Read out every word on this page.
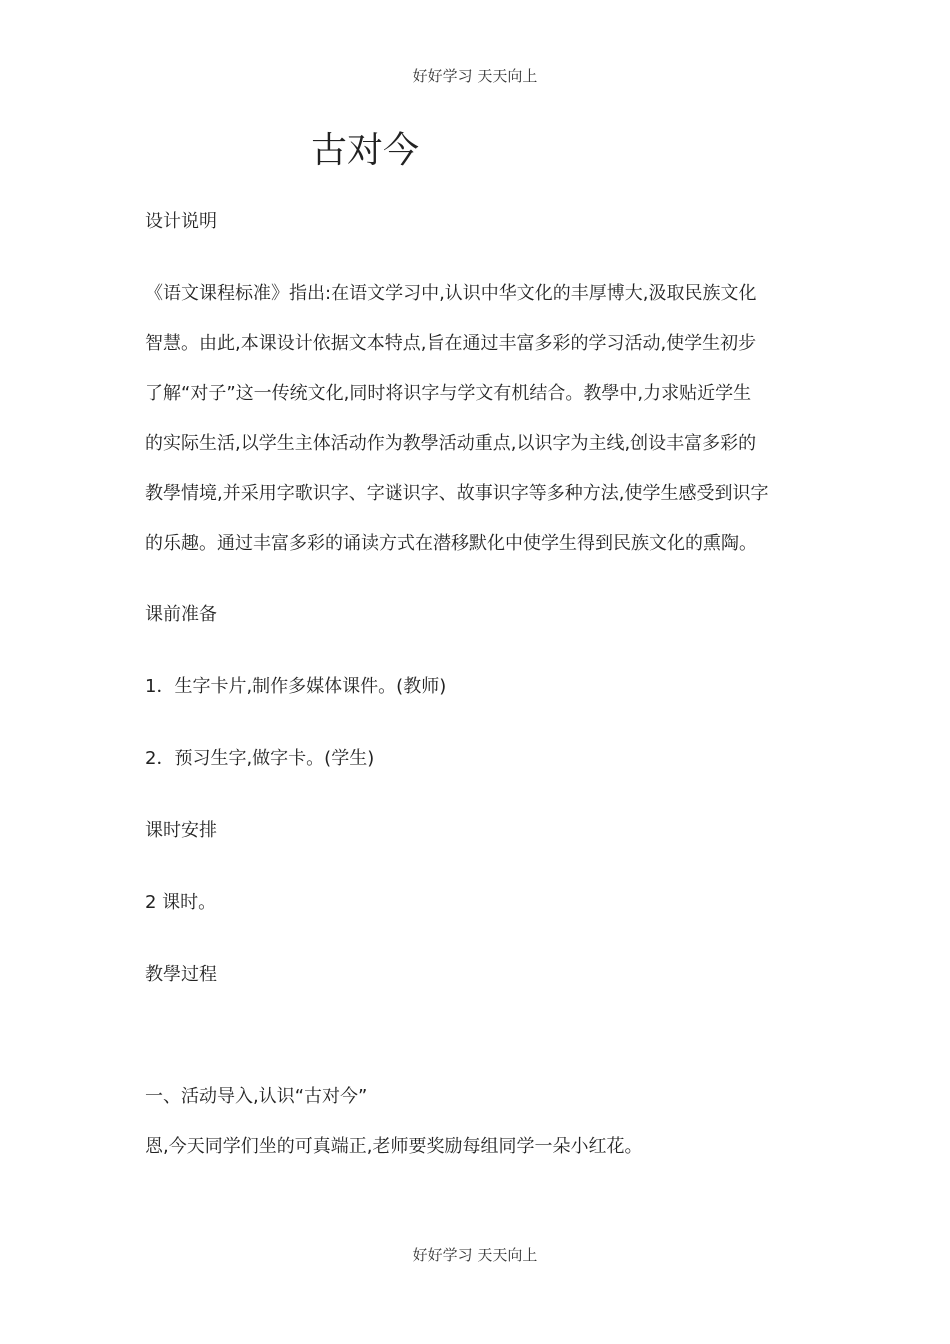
好好学习 天天向上
古对今
设计说明
《语文课程标准》指出:在语文学习中,认识中华文化的丰厚博大,汲取民族文化
智慧。由此,本课设计依据文本特点,旨在通过丰富多彩的学习活动,使学生初步
了解“对子”这一传统文化,同时将识字与学文有机结合。教學中,力求贴近学生
的实际生活,以学生主体活动作为教學活动重点,以识字为主线,创设丰富多彩的
教學情境,并采用字歌识字、字谜识字、故事识字等多种方法,使学生感受到识字
的乐趣。通过丰富多彩的诵读方式在潜移默化中使学生得到民族文化的熏陶。
课前准备
1．生字卡片,制作多媒体课件。(教师)
2．预习生字,做字卡。(学生)
课时安排
2 课时。
教學过程
一、活动导入,认识“古对今”
恩,今天同学们坐的可真端正,老师要奖励每组同学一朵小红花。
好好学习 天天向上
